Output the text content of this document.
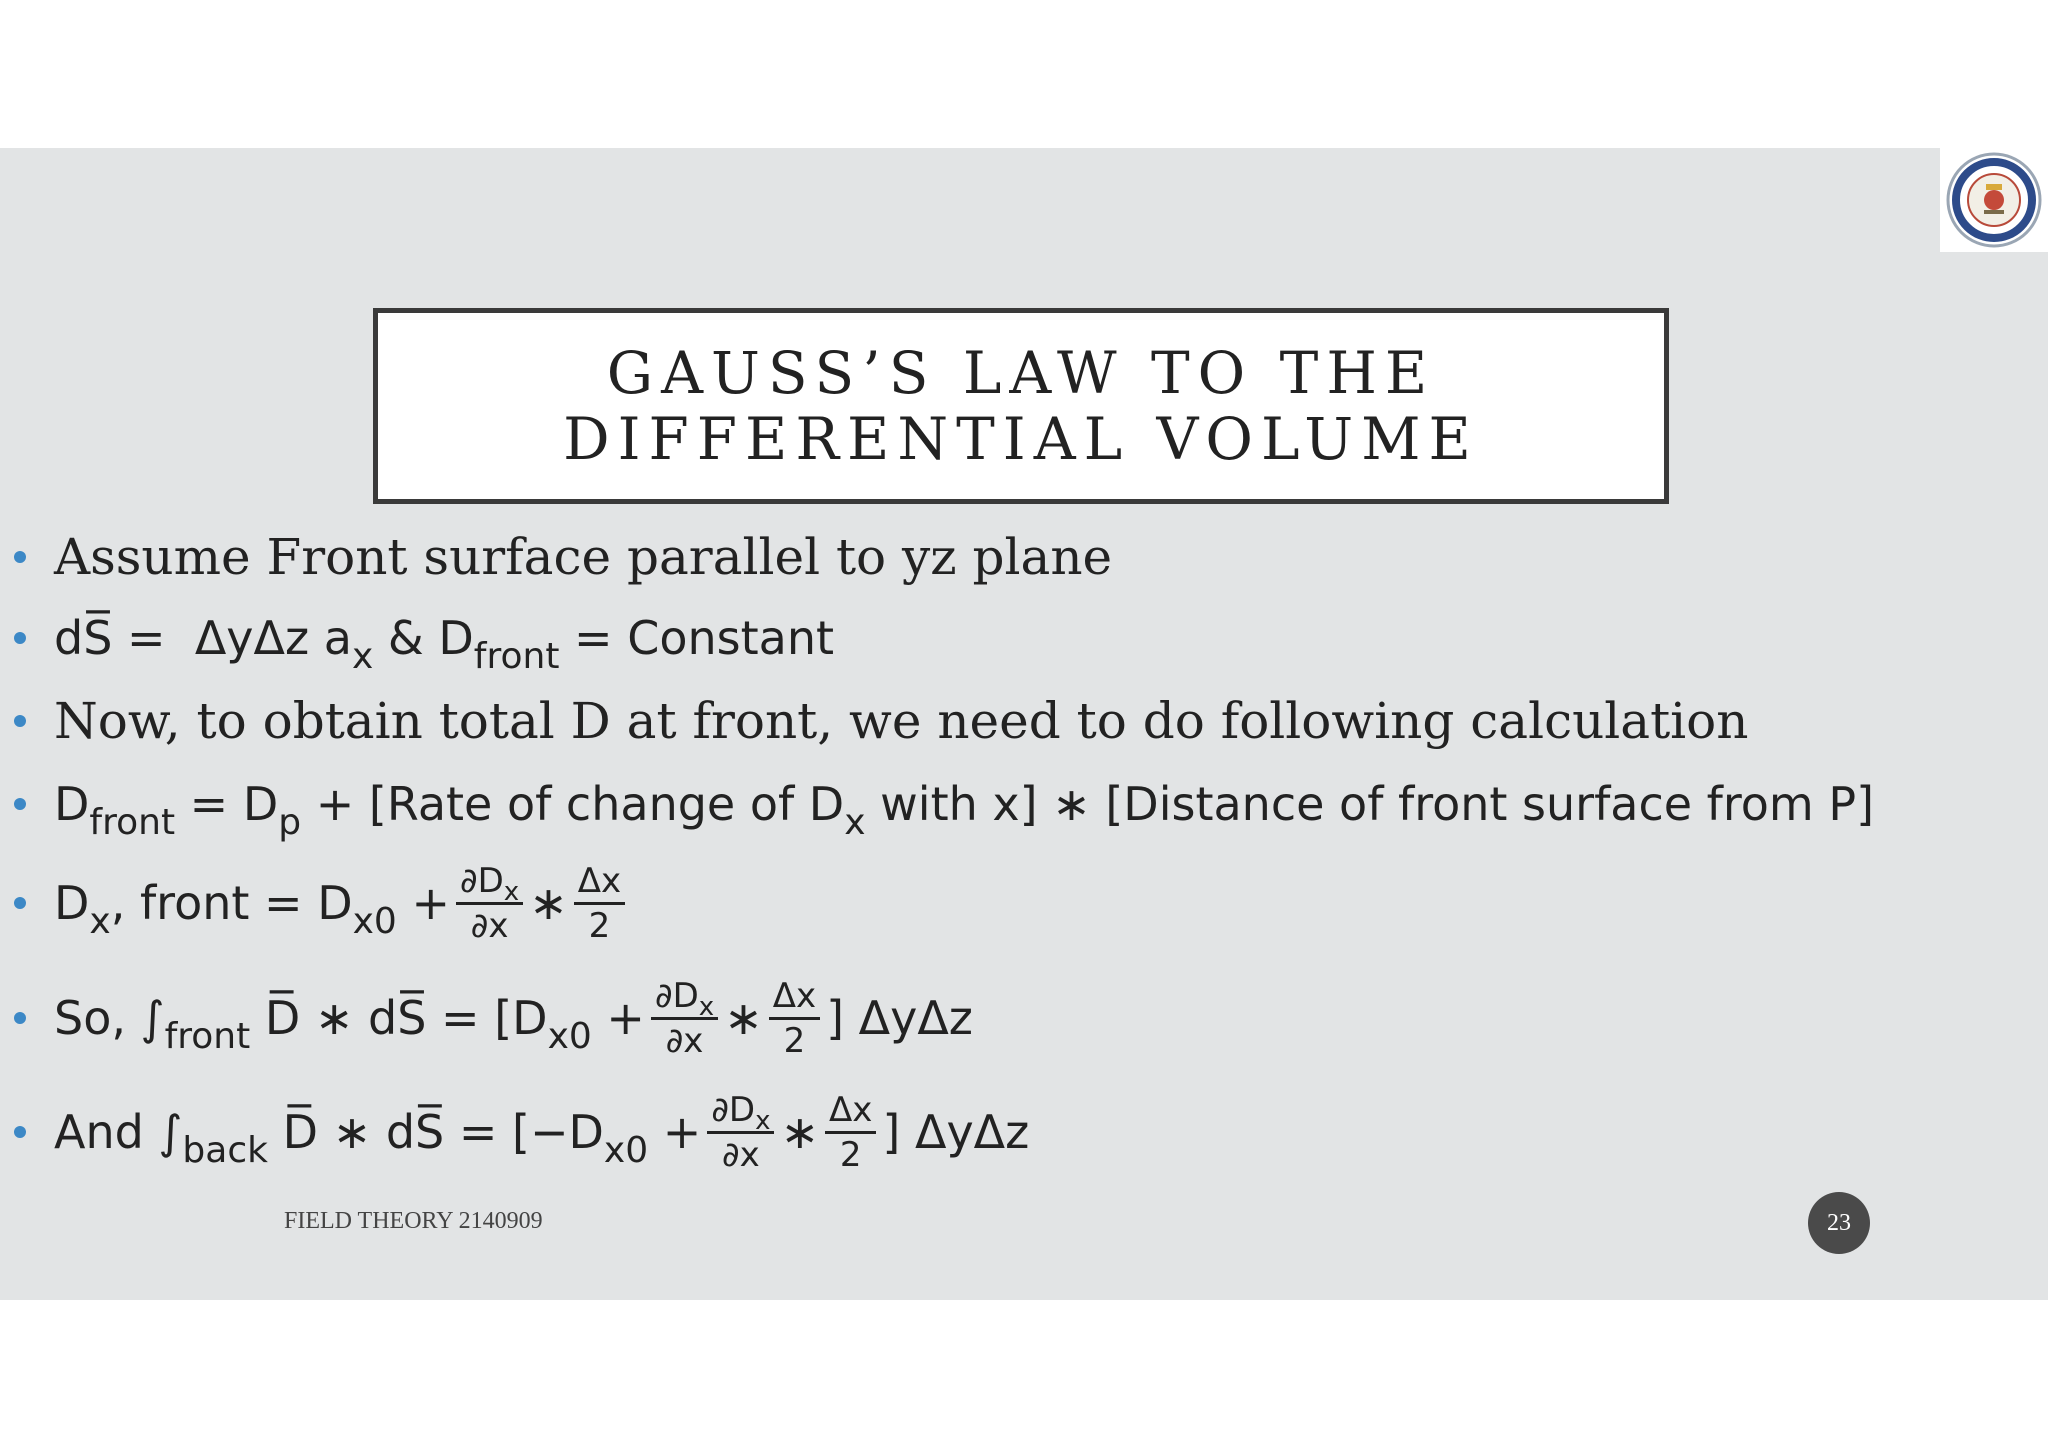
GAUSS’S LAW TO THE
DIFFERENTIAL VOLUME
Assume Front surface parallel to yz plane
dS̅ =  ΔyΔz $a_x$ & $D_{front}$ = Constant
Now, to obtain total D at front, we need to do following calculation
$D_{front} = D_p$ + [Rate of change of $D_x$ with x] ∗ [Distance of front surface from P]
$D_x$, front = $D_{x0} + \frac{\partial D_x}{\partial x}$ ∗ $\frac{\Delta x}{2}$
So, $\int_{front}$ D̅ ∗ dS̅ = [$D_{x0} + \frac{\partial D_x}{\partial x}$ ∗ $\frac{\Delta x}{2}$ ] ΔyΔz
And $\int_{back}$ D̅ ∗ dS̅ = [$-D_{x0} + \frac{\partial D_x}{\partial x}$ ∗ $\frac{\Delta x}{2}$ ] ΔyΔz
FIELD THEORY 2140909	23
